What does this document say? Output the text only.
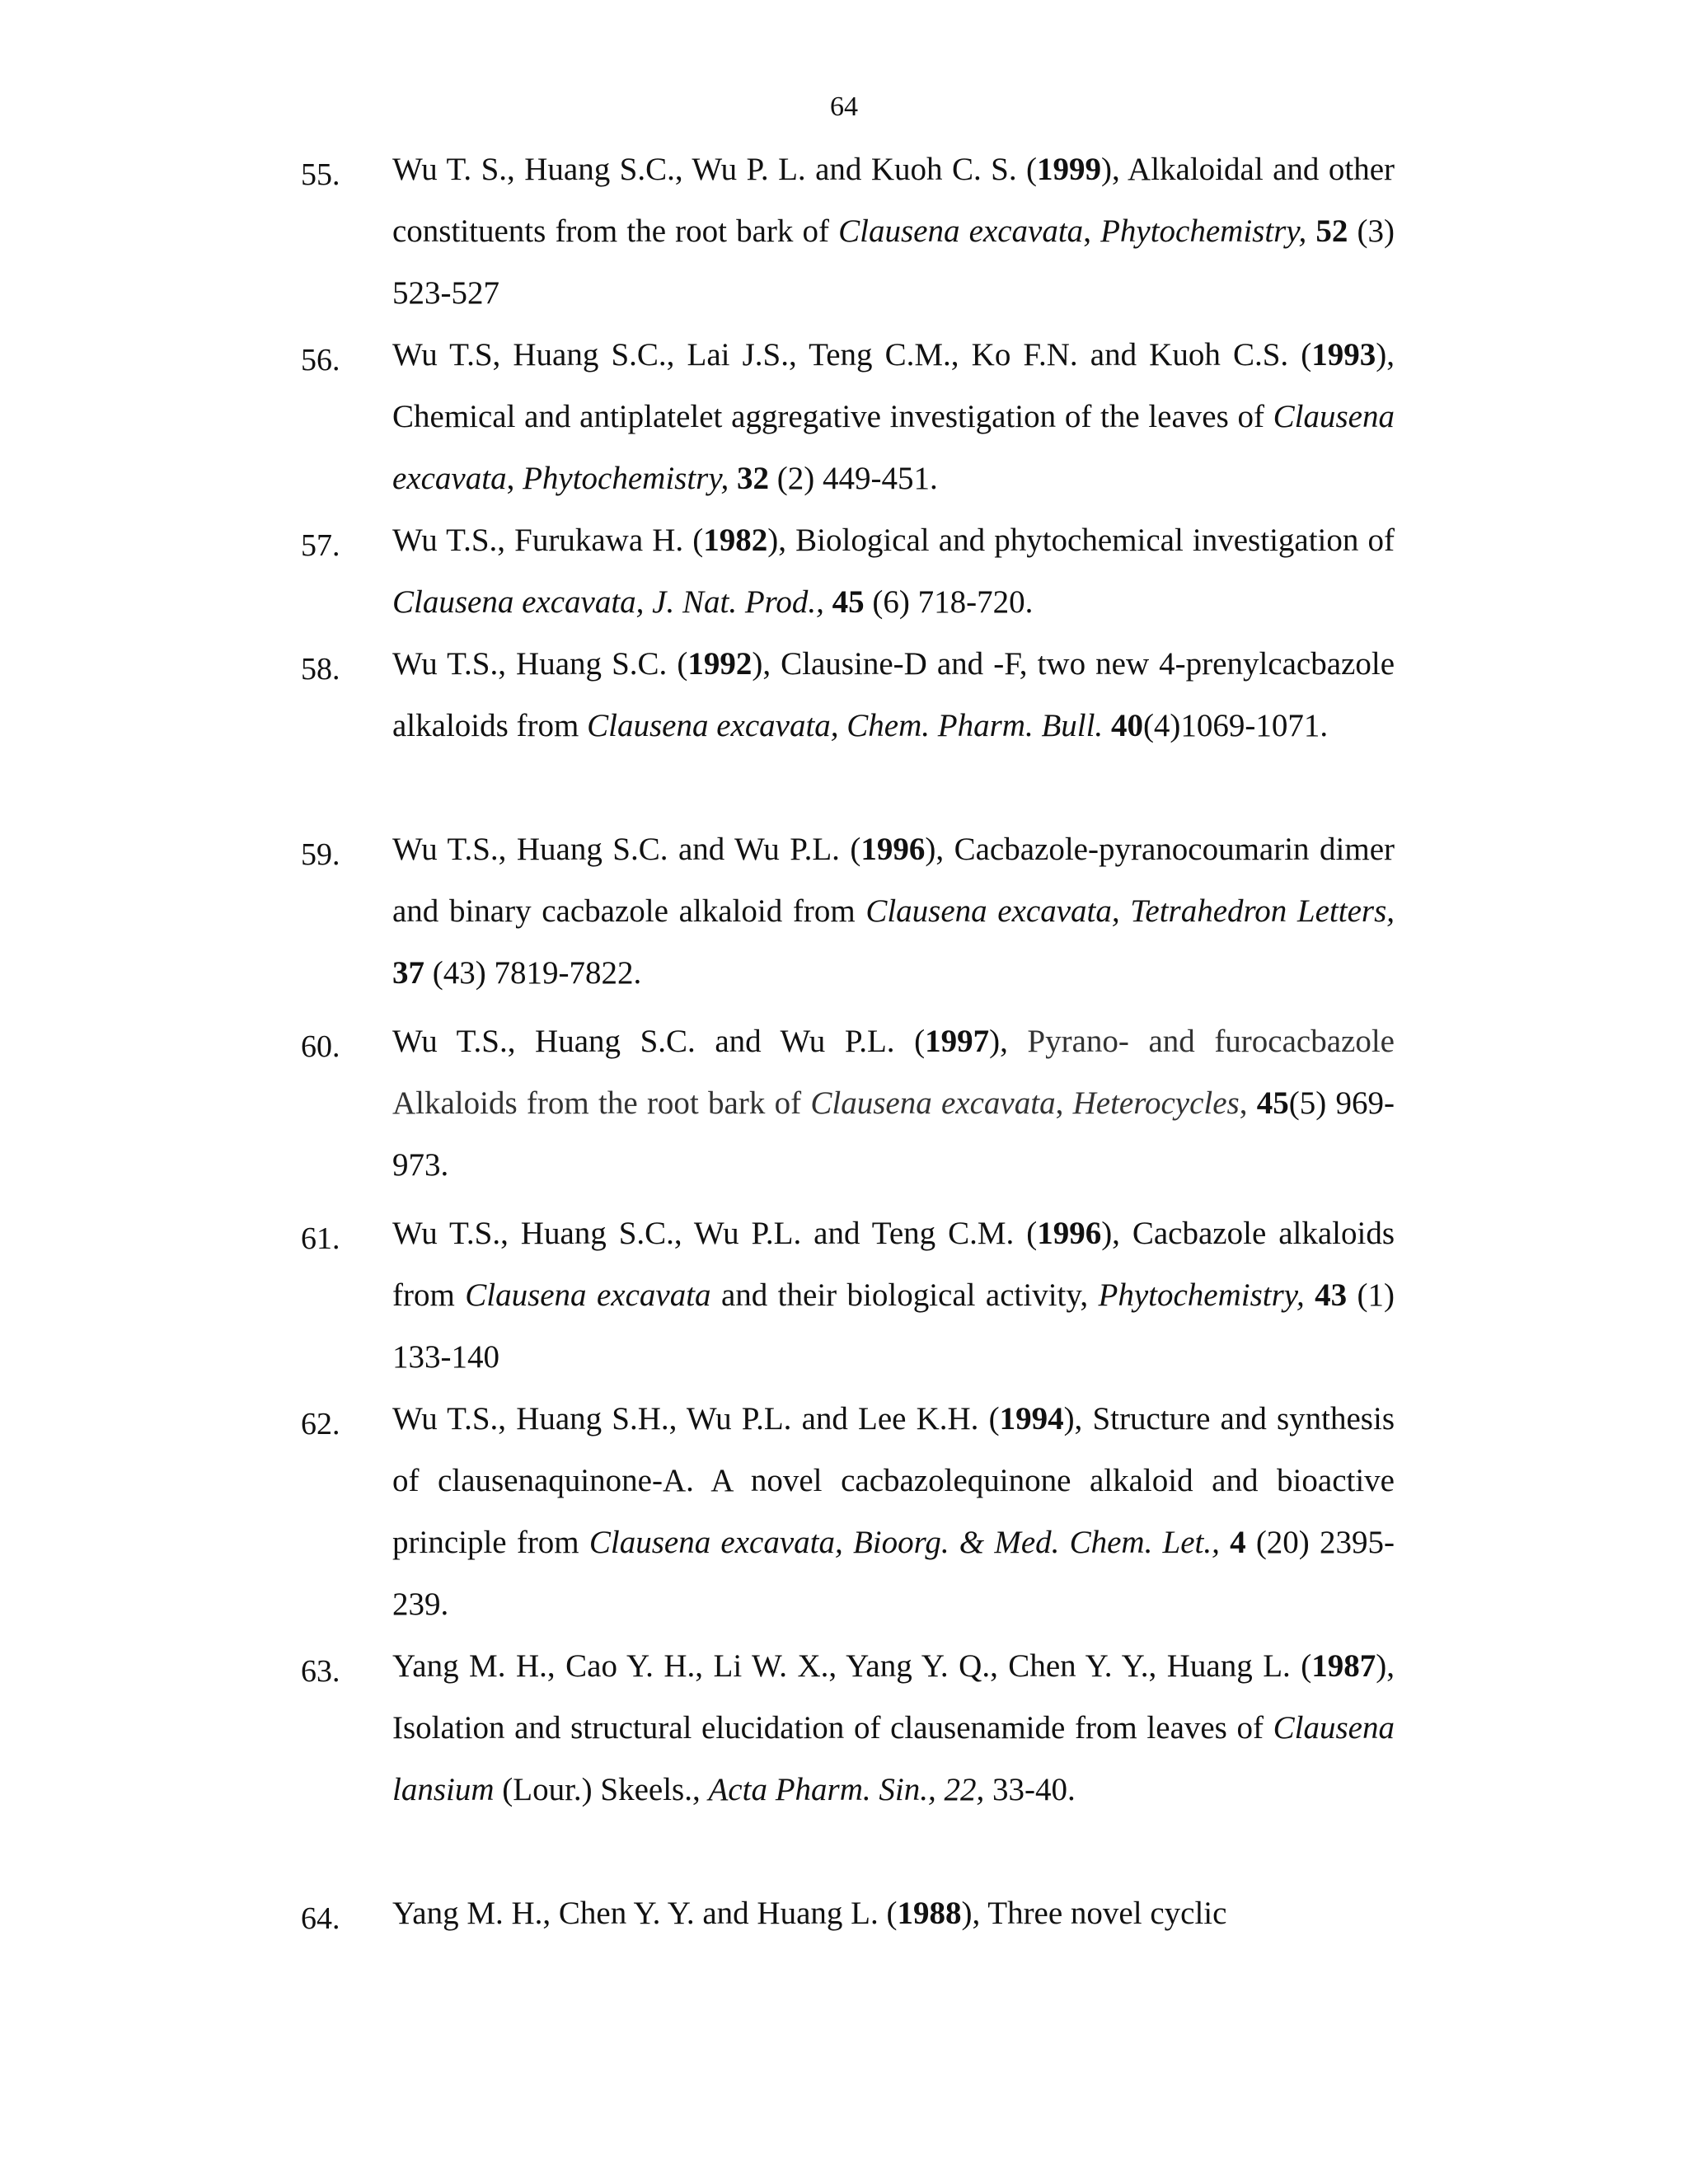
64
55.	Wu T. S., Huang S.C., Wu P. L. and Kuoh C. S. (1999), Alkaloidal and other constituents from the root bark of Clausena excavata, Phytochemistry, 52 (3) 523-527
56.	Wu T.S, Huang S.C., Lai J.S., Teng C.M., Ko F.N. and Kuoh C.S. (1993), Chemical and antiplatelet aggregative investigation of the leaves of Clausena excavata, Phytochemistry, 32 (2) 449-451.
57.	Wu T.S., Furukawa H. (1982), Biological and phytochemical investigation of Clausena excavata, J. Nat. Prod., 45 (6) 718-720.
58.	Wu T.S., Huang S.C. (1992), Clausine-D and -F, two new 4-prenylcacbazole alkaloids from Clausena excavata, Chem. Pharm. Bull. 40(4)1069-1071.
59.	Wu T.S., Huang S.C. and Wu P.L. (1996), Cacbazole-pyranocoumarin dimer and binary cacbazole alkaloid from Clausena excavata, Tetrahedron Letters, 37 (43) 7819-7822.
60.	Wu T.S., Huang S.C. and Wu P.L. (1997), Pyrano- and furocacbazole Alkaloids from the root bark of Clausena excavata, Heterocycles, 45(5) 969-973.
61.	Wu T.S., Huang S.C., Wu P.L. and Teng C.M. (1996), Cacbazole alkaloids from Clausena excavata and their biological activity, Phytochemistry, 43 (1) 133-140
62.	Wu T.S., Huang S.H., Wu P.L. and Lee K.H. (1994), Structure and synthesis of clausenaquinone-A. A novel cacbazolequinone alkaloid and bioactive principle from Clausena excavata, Bioorg. & Med. Chem. Let., 4 (20) 2395-239.
63.	Yang M. H., Cao Y. H., Li W. X., Yang Y. Q., Chen Y. Y., Huang L. (1987), Isolation and structural elucidation of clausenamide from leaves of Clausena lansium (Lour.) Skeels., Acta Pharm. Sin., 22, 33-40.
64.	Yang M. H., Chen Y. Y. and Huang L. (1988), Three novel cyclic
